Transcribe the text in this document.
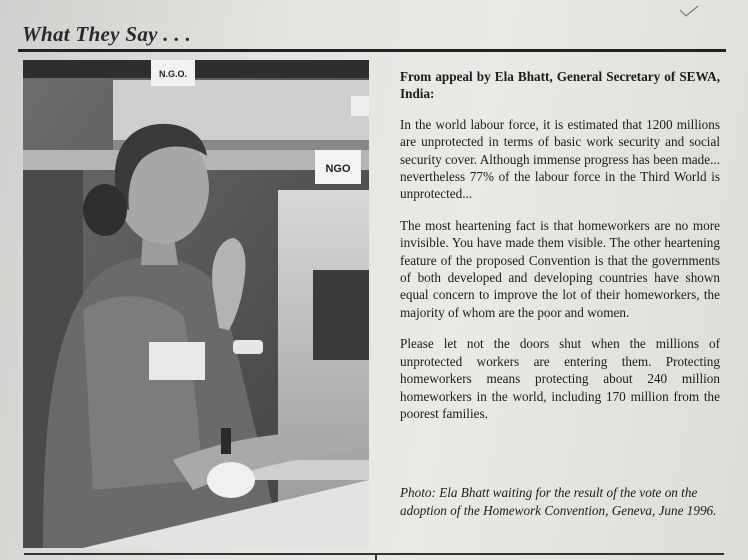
What They Say . . .
N.G.O.
NGO

From appeal by Ela Bhatt, General Secretary of SEWA, India:

In the world labour force, it is estimated that 1200 millions are unprotected in terms of basic work security and social security cover. Although immense progress has been made... nevertheless 77% of the labour force in the Third World is unprotected...

The most heartening fact is that homeworkers are no more invisible. You have made them visible. The other heartening feature of the proposed Convention is that the governments of both developed and developing countries have shown equal concern to improve the lot of their homeworkers, the majority of whom are the poor and women.

Please let not the doors shut when the millions of unprotected workers are entering them. Protecting homeworkers means protecting about 240 million homeworkers in the world, including 170 million from the poorest families.

Photo: Ela Bhatt waiting for the result of the vote on the adoption of the Homework Convention, Geneva, June 1996.
